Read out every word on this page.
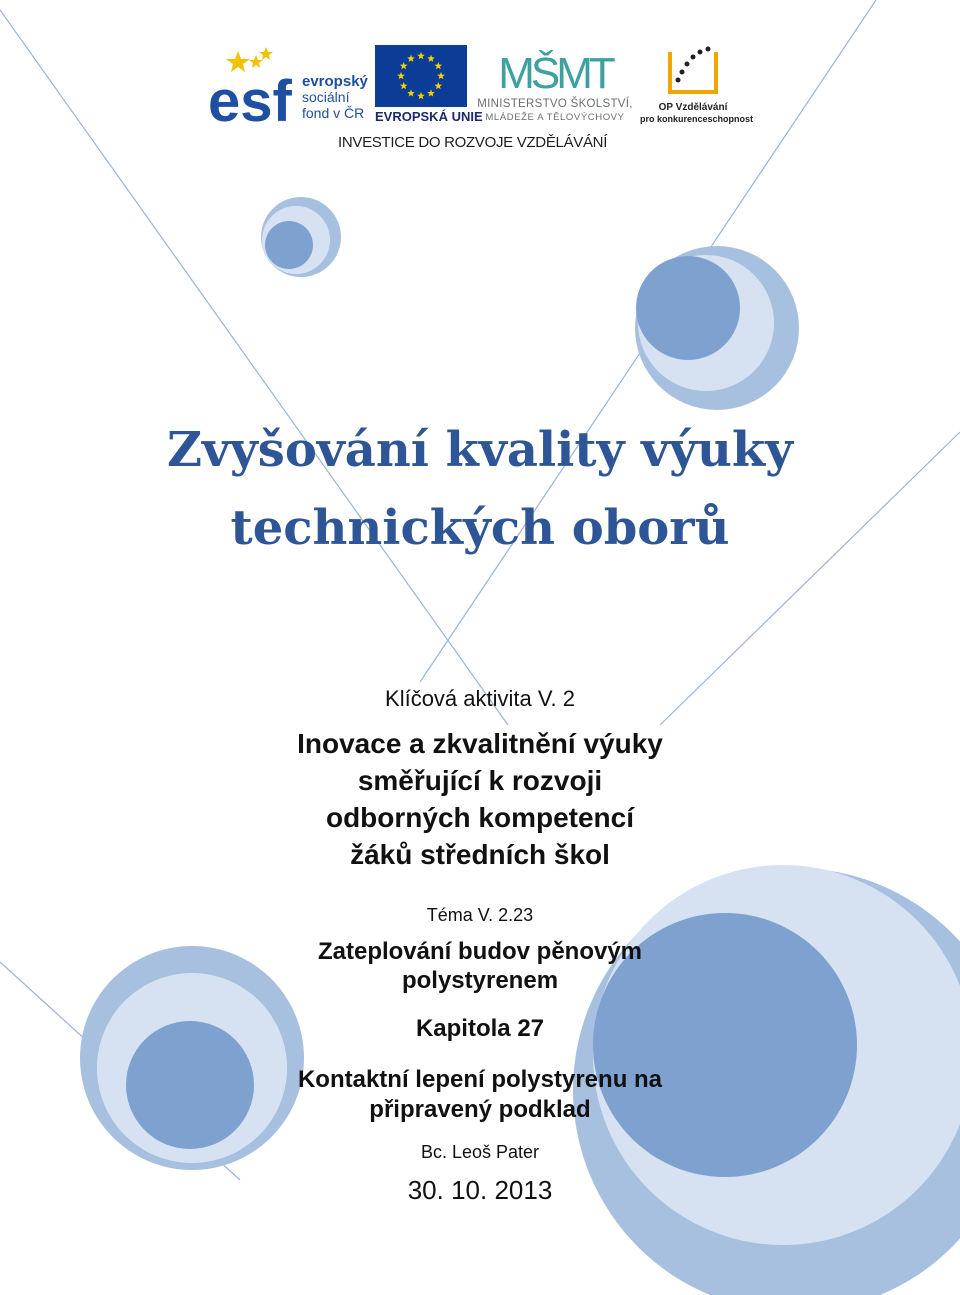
esf evropský
sociální
fond v ČR EVROPSKÁ UNIE
MŠMT
MINISTERSTVO ŠKOLSTVÍ,
MLÁDEŽE A TĚLOVÝCHOVY
OP Vzdělávání
pro konkurenceschopnost
INVESTICE DO ROZVOJE VZDĚLÁVÁNÍ
Zvyšování kvality výuky
technických oborů
Klíčová aktivita V. 2
Inovace a zkvalitnění výuky
směřující k rozvoji
odborných kompetencí
žáků středních škol
Téma V. 2.23
Zateplování budov pěnovým
polystyrenem
Kapitola 27
Kontaktní lepení polystyrenu na
připravený podklad
Bc. Leoš Pater
30. 10. 2013
